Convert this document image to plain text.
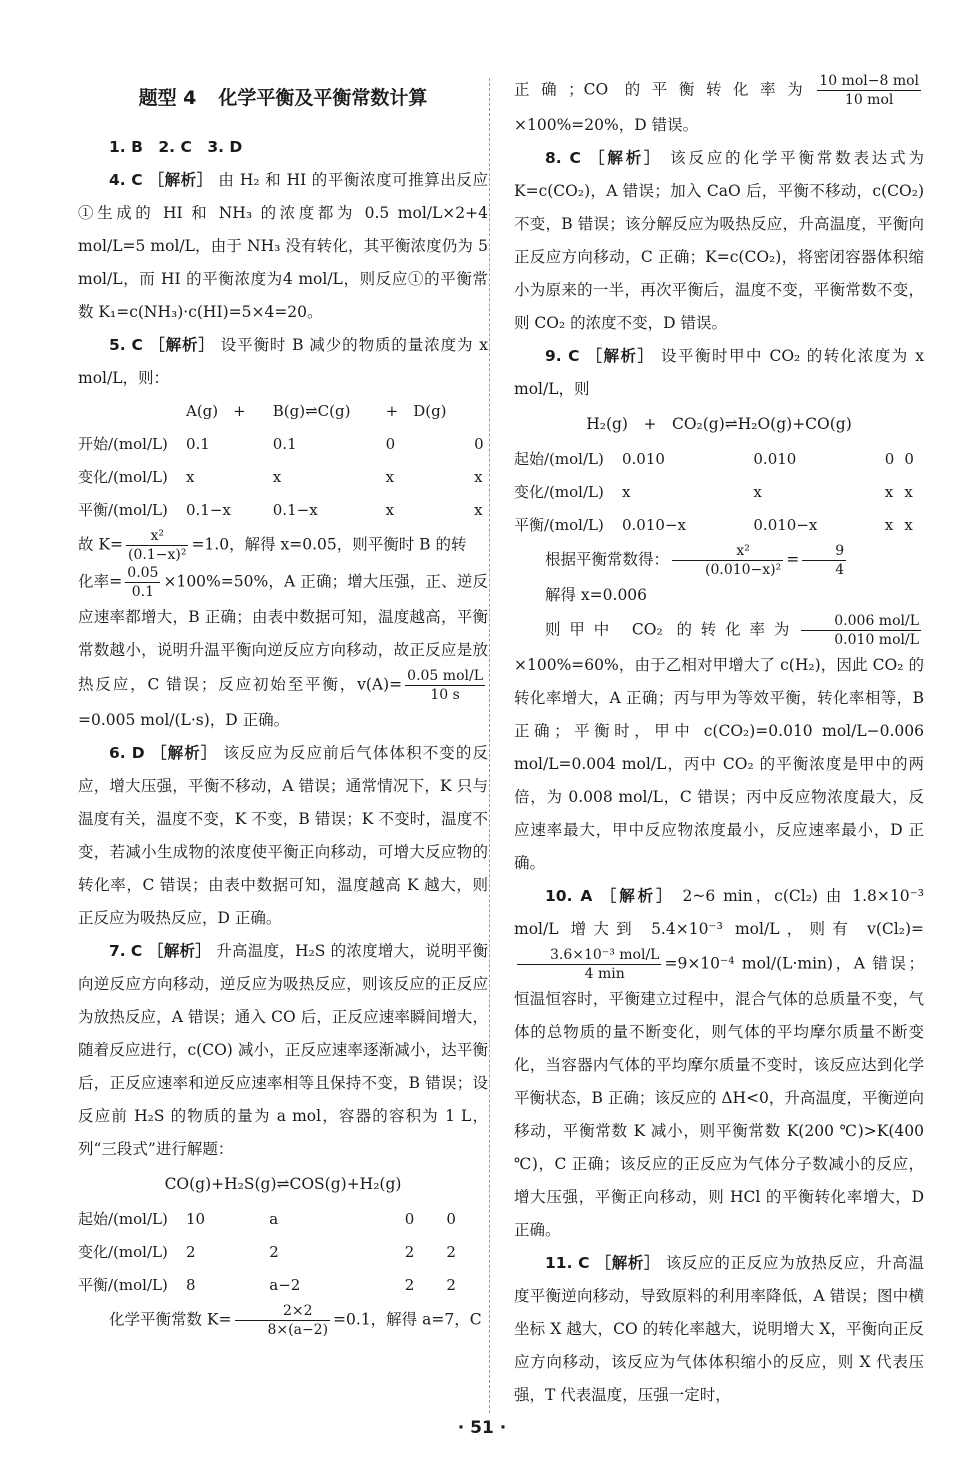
题型 4 化学平衡及平衡常数计算

1. B　2. C　3. D

4. C ［解析］ 由 H₂ 和 HI 的平衡浓度可推算出反应①生成的 HI 和 NH₃ 的浓度都为 0.5 mol/L×2+4 mol/L=5 mol/L，由于 NH₃ 没有转化，其平衡浓度仍为 5 mol/L，而 HI 的平衡浓度为4 mol/L，则反应①的平衡常数 K₁=c(NH₃)·c(HI)=5×4=20。

5. C ［解析］ 设平衡时 B 减少的物质的量浓度为 x mol/L，则：

	A(g)　+	B(g)⇌C(g)	+　D(g)	
开始/(mol/L)	0.1	0.1	0	0
变化/(mol/L)	x	x	x	x
平衡/(mol/L)	0.1−x	0.1−x	x	x

故 $K= \frac{\text{x²}}{\text{(0.1−x)²}} =1.0$，解得 x=0.05，则平衡时 B 的转

化率= $\frac{0.05}{0.1} \times 100\%=50\%$，A 正确；增大压强，正、逆反应速率都增大，B 正确；由表中数据可知，温度越高，平衡常数越小，说明升温平衡向逆反应方向移动，故正反应是放热反应，C 错误；反应初始至平衡，$v(A)= \frac{\text{0.05 mol/L}}{10 s}$
=0.005 mol/(L·s)，D 正确。

6. D ［解析］ 该反应为反应前后气体体积不变的反应，增大压强，平衡不移动，A 错误；通常情况下，K 只与温度有关，温度不变，K 不变，B 错误；K 不变时，温度不变，若减小生成物的浓度使平衡正向移动，可增大反应物的转化率，C 错误；由表中数据可知，温度越高 K 越大，则正反应为吸热反应，D 正确。

7. C ［解析］ 升高温度，H₂S 的浓度增大，说明平衡向逆反应方向移动，逆反应为吸热反应，则该反应的正反应为放热反应，A 错误；通入 CO 后，正反应速率瞬间增大，随着反应进行，c(CO) 减小，正反应速率逐渐减小，达平衡后，正反应速率和逆反应速率相等且保持不变，B 错误；设反应前 H₂S 的物质的量为 a mol，容器的容积为 1 L，列“三段式”进行解题：

CO(g)+H₂S(g)⇌COS(g)+H₂(g)
起始/(mol/L)	10	a	0	0
变化/(mol/L)	2	2	2	2
平衡/(mol/L)	8	a−2	2	2

化学平衡常数 $K= \frac{2\times 2}{8\times(a-2)} =0.1$，解得 a=7，C

正确；CO 的平衡转化率为 $\frac{\text{10 mol−8 mol}}{\text{10 mol}}$
×100%=20%，D 错误。

8. C ［解析］ 该反应的化学平衡常数表达式为 K=c(CO₂)，A 错误；加入 CaO 后，平衡不移动，c(CO₂) 不变，B 错误；该分解反应为吸热反应，升高温度，平衡向正反应方向移动，C 正确；K=c(CO₂)，将密闭容器体积缩小为原来的一半，再次平衡后，温度不变，平衡常数不变，则 CO₂ 的浓度不变，D 错误。

9. C ［解析］ 设平衡时甲中 CO₂ 的转化浓度为 x mol/L，则

H₂(g)　+　CO₂(g)⇌H₂O(g)+CO(g)
起始/(mol/L)	0.010	0.010	0	0
变化/(mol/L)	x	x	x	x
平衡/(mol/L)	0.010−x	0.010−x	x	x

根据平衡常数得： $\frac{\text{x²}}{\text{(0.010−x)²}} = \frac{9}{4}$

解得 x=0.006

则甲中 CO₂ 的转化率为 $\frac{\text{0.006 mol/L}}{\text{0.010 mol/L}}$
×100%=60%，由于乙相对甲增大了 c(H₂)，因此 CO₂ 的转化率增大，A 正确；丙与甲为等效平衡，转化率相等，B 正确；平衡时，甲中 c(CO₂)=0.010 mol/L−0.006 mol/L=0.004 mol/L，丙中 CO₂ 的平衡浓度是甲中的两倍，为 0.008 mol/L，C 错误；丙中反应物浓度最大，反应速率最大，甲中反应物浓度最小，反应速率最小，D 正确。

10. A ［解析］ 2~6 min，c(Cl₂) 由 1.8×10⁻³ mol/L 增大到 5.4×10⁻³ mol/L，则有 v(Cl₂)=
$\frac{\text{3.6×10⁻³ mol/L}}{4 \min} =9\times 10^{-4}$ mol/(L·min)，A 错误；恒温恒容时，平衡建立过程中，混合气体的总质量不变，气体的总物质的量不断变化，则气体的平均摩尔质量不断变化，当容器内气体的平均摩尔质量不变时，该反应达到化学平衡状态，B 正确；该反应的 ΔH<0，升高温度，平衡逆向移动，平衡常数 K 减小，则平衡常数 K(200 ℃)>K(400 ℃)，C 正确；该反应的正反应为气体分子数减小的反应，增大压强，平衡正向移动，则 HCl 的平衡转化率增大，D 正确。

11. C ［解析］ 该反应的正反应为放热反应，升高温度平衡逆向移动，导致原料的利用率降低，A 错误；图中横坐标 X 越大，CO 的转化率越大，说明增大 X，平衡向正反应方向移动，该反应为气体体积缩小的反应，则 X 代表压强，T 代表温度，压强一定时，

· 51 ·
